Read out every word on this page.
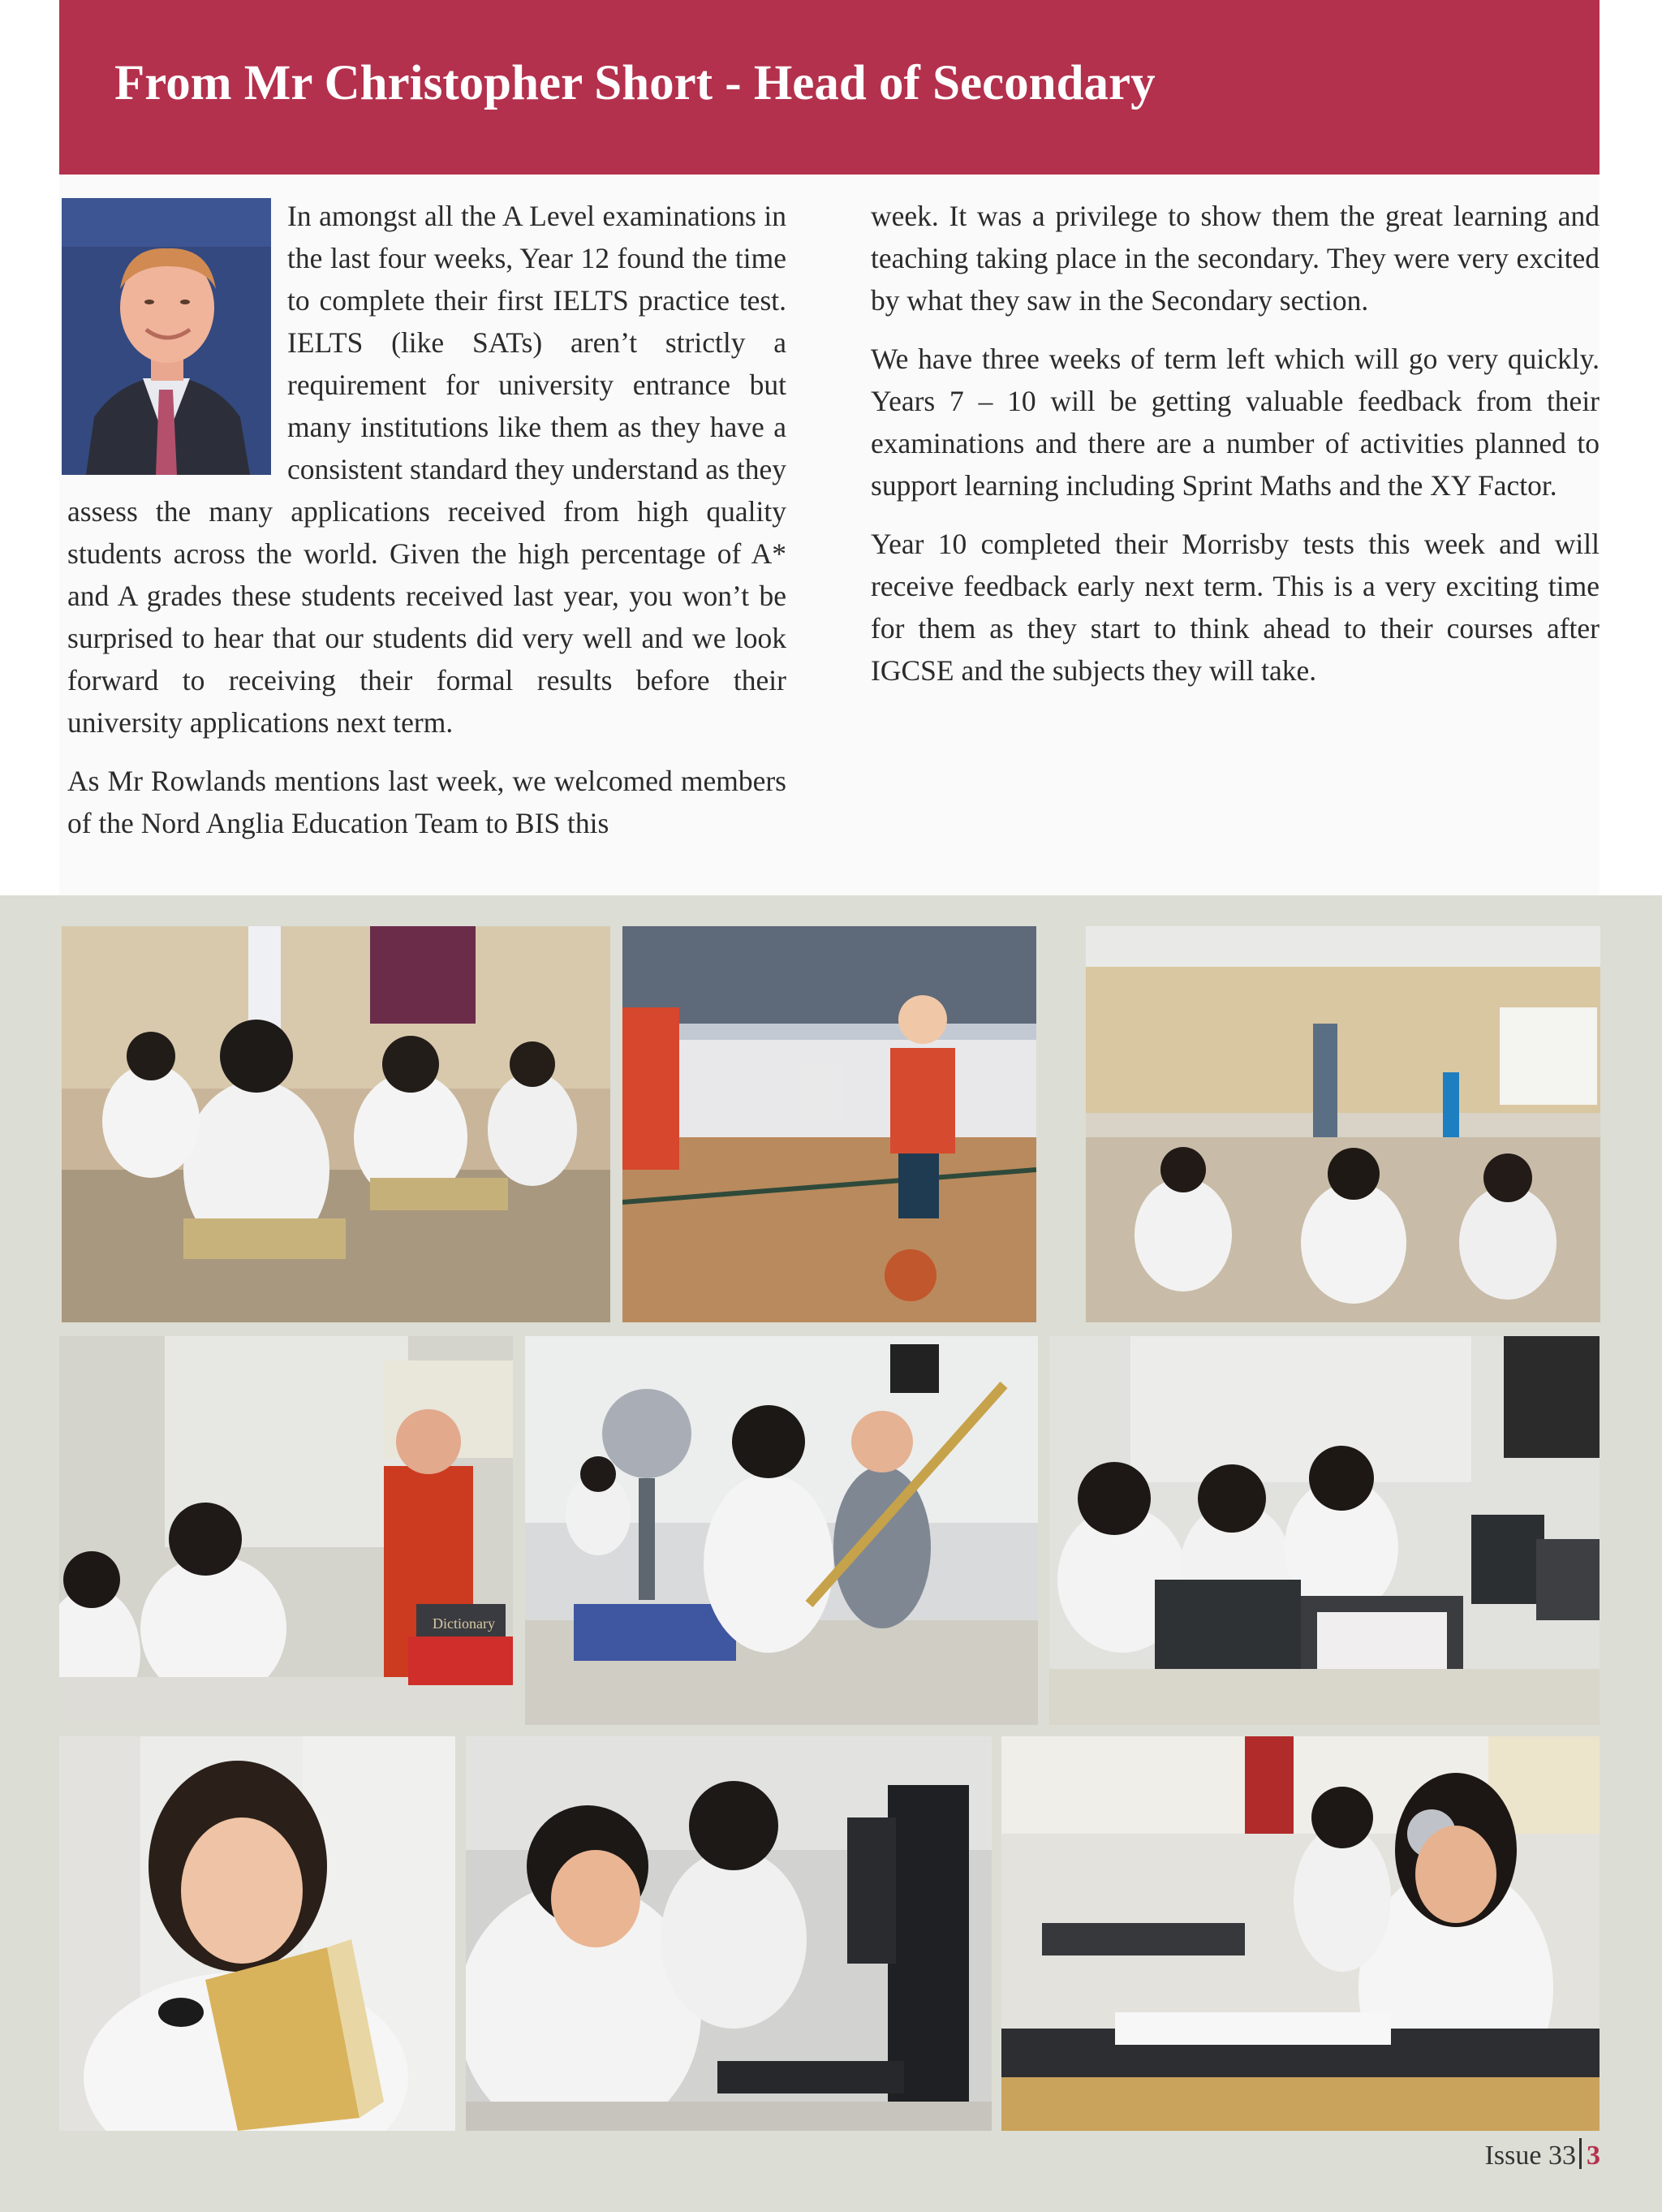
From Mr Christopher Short - Head of Secondary

In amongst all the A Level examinations in the last four weeks, Year 12 found the time to complete their first IELTS practice test. IELTS (like SATs) aren’t strictly a requirement for university entrance but many institutions like them as they have a consistent standard they understand as they assess the many applications received from high quality students across the world. Given the high percentage of A* and A grades these students received last year, you won’t be surprised to hear that our students did very well and we look forward to receiving their formal results before their university applications next term.

As Mr Rowlands mentions last week, we welcomed members of the Nord Anglia Education Team to BIS this

week. It was a privilege to show them the great learning and teaching taking place in the secondary. They were very excited by what they saw in the Secondary section.

We have three weeks of term left which will go very quickly. Years 7 – 10 will be getting valuable feedback from their examinations and there are a number of activities planned to support learning including Sprint Maths and the XY Factor.

Year 10 completed their Morrisby tests this week and will receive feedback early next term. This is a very exciting time for them as they start to think ahead to their courses after IGCSE and the subjects they will take.

Dictionary
Issue 33 3
